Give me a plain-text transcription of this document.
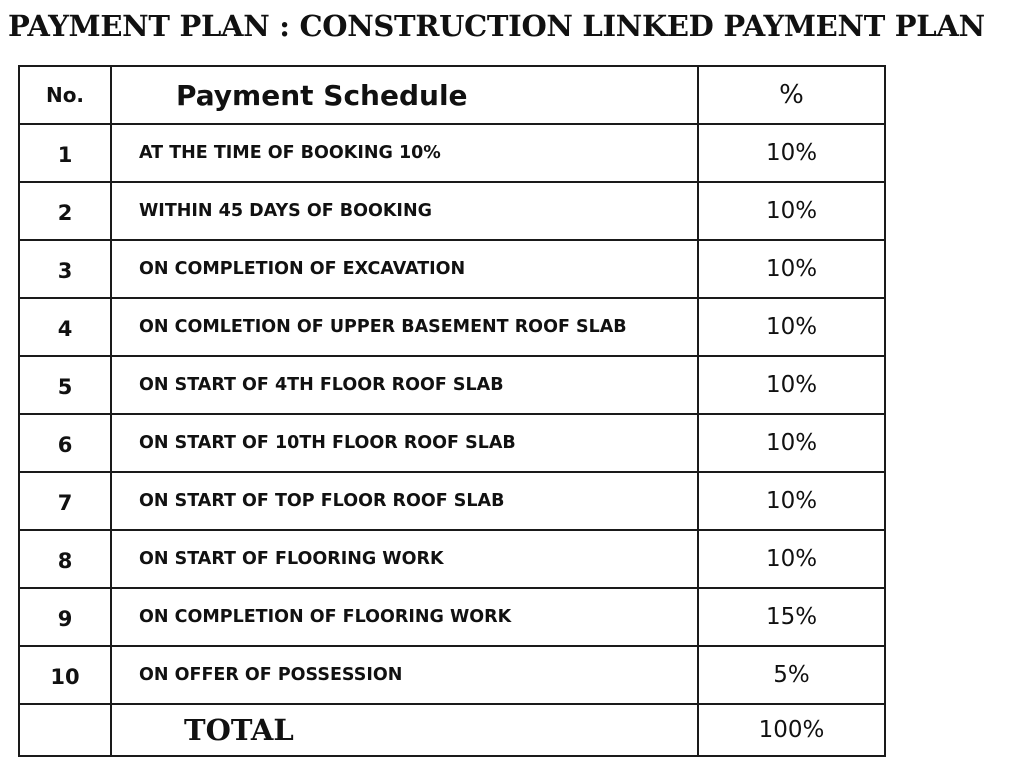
PAYMENT PLAN : CONSTRUCTION LINKED PAYMENT PLAN
No.	Payment Schedule	%
1	AT THE TIME OF BOOKING 10%	10%
2	WITHIN 45 DAYS OF BOOKING	10%
3	ON COMPLETION OF EXCAVATION	10%
4	ON COMLETION OF UPPER BASEMENT ROOF SLAB	10%
5	ON START OF 4TH FLOOR ROOF SLAB	10%
6	ON START OF 10TH FLOOR ROOF SLAB	10%
7	ON START OF TOP FLOOR ROOF SLAB	10%
8	ON START OF FLOORING WORK	10%
9	ON COMPLETION OF FLOORING WORK	15%
10	ON OFFER OF POSSESSION	5%
	TOTAL	100%
